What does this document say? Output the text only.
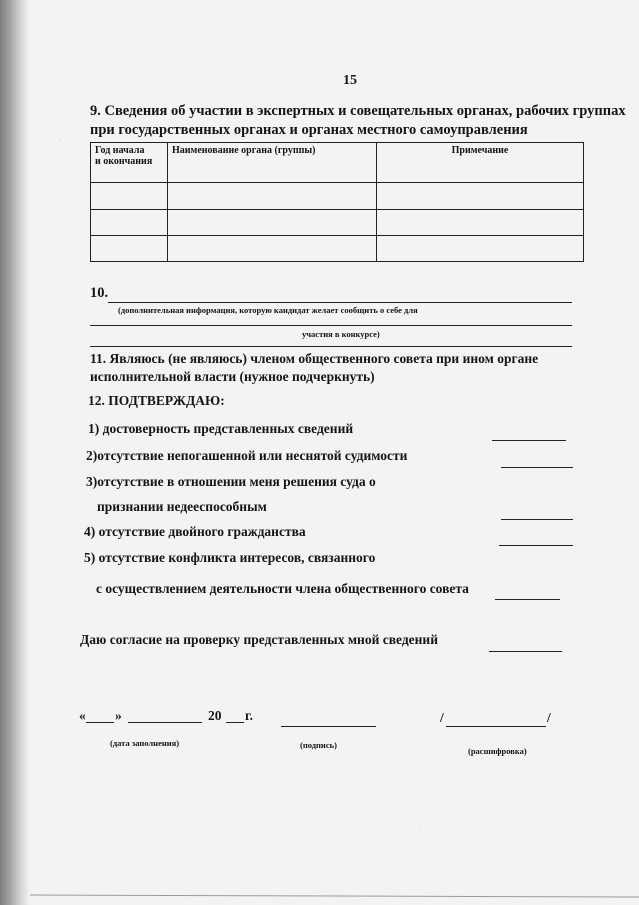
15
9. Сведения об участии в экспертных и совещательных органах, рабочих группах
при государственных органах и органах местного самоуправления
Год начала
и окончания	Наименование органа (группы)	Примечание

10.
(дополнительная информация, которую кандидат желает сообщить о себе для
участия в конкурсе)
11. Являюсь (не являюсь) членом общественного совета при ином органе
исполнительной власти (нужное подчеркнуть)
12. ПОДТВЕРЖДАЮ:
1) достоверность представленных сведений
2)отсутствие непогашенной или неснятой судимости
3)отсутствие в отношении меня решения суда о
признании недееспособным
4) отсутствие двойного гражданства
5) отсутствие конфликта интересов, связанного
с осуществлением деятельности члена общественного совета
Даю согласие на проверку представленных мной сведений
« »	20 г.	/	/
(дата заполнения)	(подпись)
(расшифровка)
